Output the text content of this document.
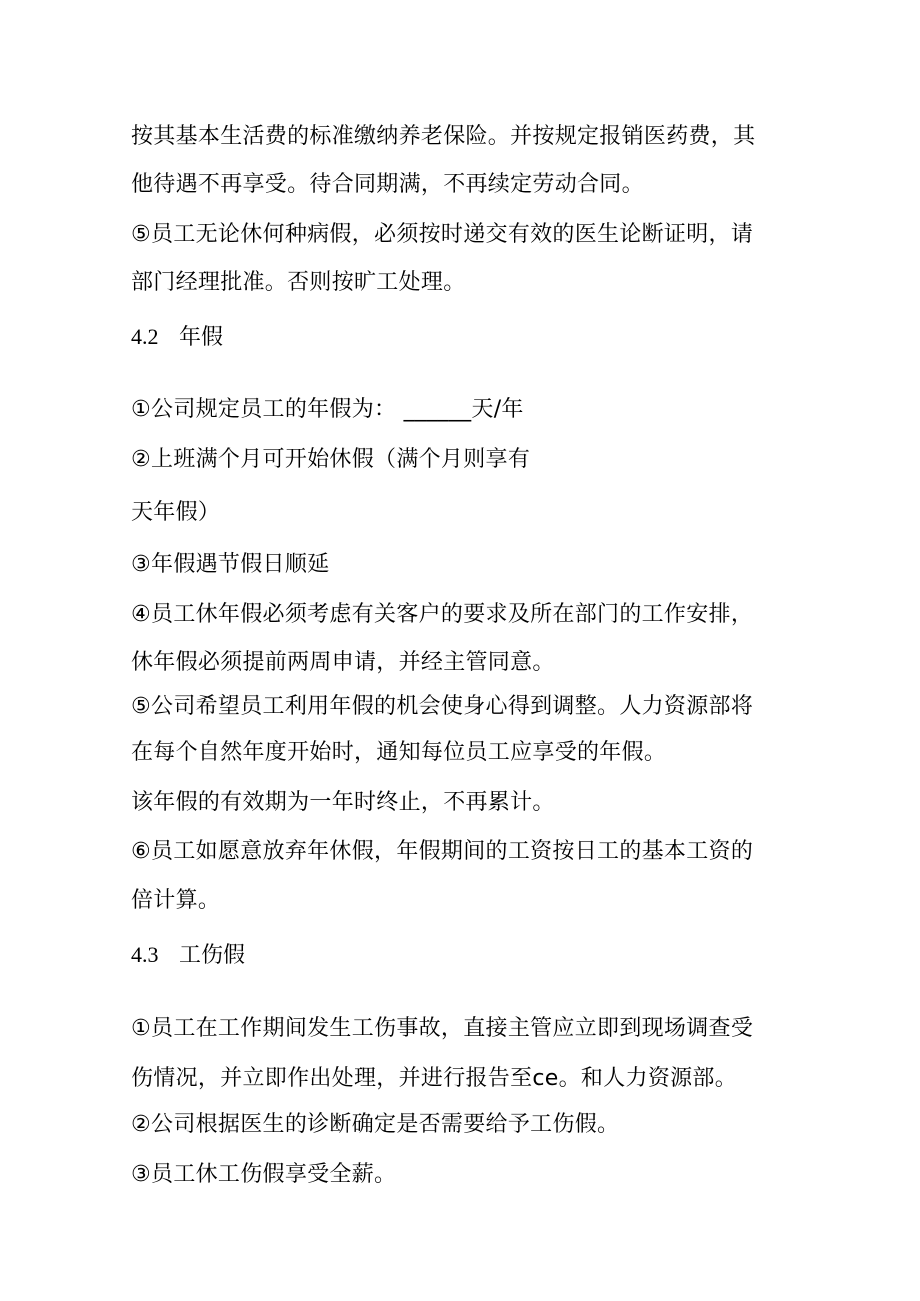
按其基本生活费的标准缴纳养老保险。并按规定报销医药费，其
他待遇不再享受。待合同期满，不再续定劳动合同。
⑤员工无论休何种病假，必须按时递交有效的医生论断证明，请
部门经理批准。否则按旷工处理。
4.2 年假
①公司规定员工的年假为： ______天/年
②上班满个月可开始休假（满个月则享有
天年假）
③年假遇节假日顺延
④员工休年假必须考虑有关客户的要求及所在部门的工作安排，
休年假必须提前两周申请，并经主管同意。
⑤公司希望员工利用年假的机会使身心得到调整。人力资源部将
在每个自然年度开始时，通知每位员工应享受的年假。
该年假的有效期为一年时终止，不再累计。
⑥员工如愿意放弃年休假，年假期间的工资按日工的基本工资的
倍计算。
4.3 工伤假
①员工在工作期间发生工伤事故，直接主管应立即到现场调查受
伤情况，并立即作出处理，并进行报告至ce。和人力资源部。
②公司根据医生的诊断确定是否需要给予工伤假。
③员工休工伤假享受全薪。
